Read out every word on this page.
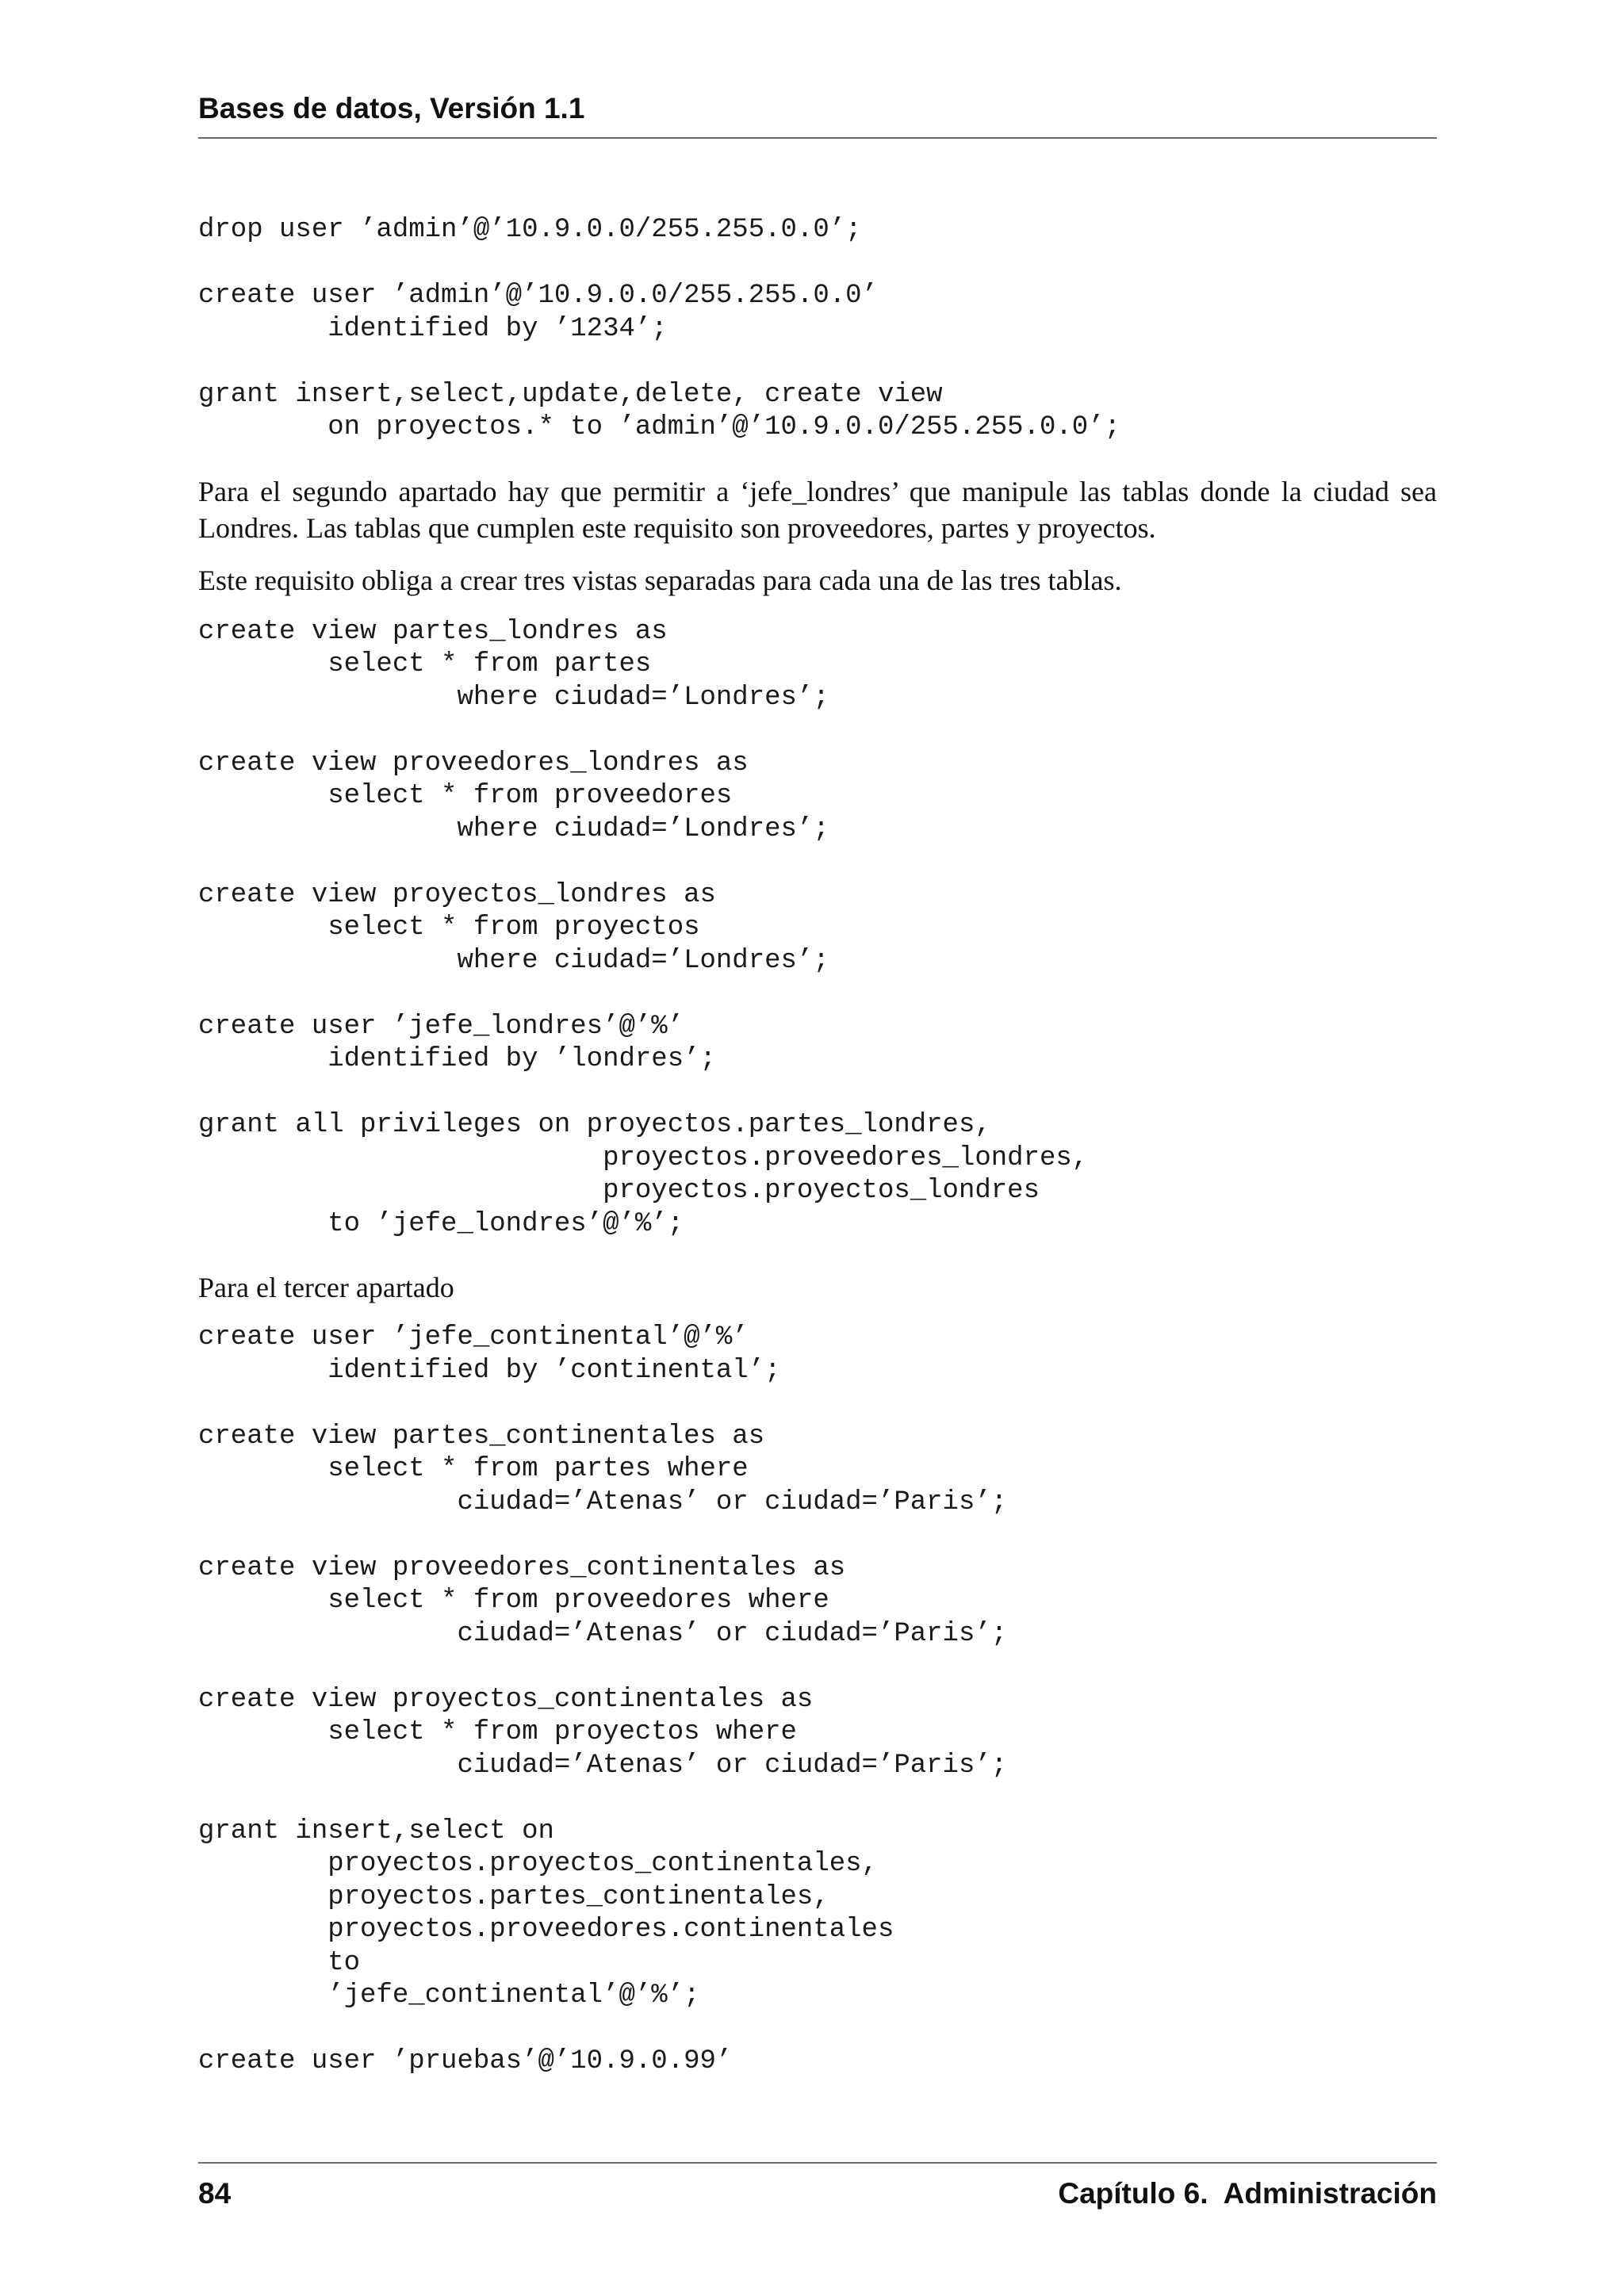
Bases de datos, Versión 1.1
drop user ’admin’@’10.9.0.0/255.255.0.0’;

create user ’admin’@’10.9.0.0/255.255.0.0’
identified by ’1234’;

grant insert,select,update,delete, create view
on proyectos.* to ’admin’@’10.9.0.0/255.255.0.0’;

Para el segundo apartado hay que permitir a ‘jefe_londres’ que manipule las tablas donde la ciudad sea Londres. Las tablas que cumplen este requisito son proveedores, partes y proyectos.

Este requisito obliga a crear tres vistas separadas para cada una de las tres tablas.

create view partes_londres as
select * from partes
where ciudad=’Londres’;

create view proveedores_londres as
select * from proveedores
where ciudad=’Londres’;

create view proyectos_londres as
select * from proyectos
where ciudad=’Londres’;

create user ’jefe_londres’@’%’
identified by ’londres’;

grant all privileges on proyectos.partes_londres,
proyectos.proveedores_londres,
proyectos.proyectos_londres
to ’jefe_londres’@’%’;

Para el tercer apartado

create user ’jefe_continental’@’%’
identified by ’continental’;

create view partes_continentales as
select * from partes where
ciudad=’Atenas’ or ciudad=’Paris’;

create view proveedores_continentales as
select * from proveedores where
ciudad=’Atenas’ or ciudad=’Paris’;

create view proyectos_continentales as
select * from proyectos where
ciudad=’Atenas’ or ciudad=’Paris’;

grant insert,select on
proyectos.proyectos_continentales,
proyectos.partes_continentales,
proyectos.proveedores.continentales
to
’jefe_continental’@’%’;

create user ’pruebas’@’10.9.0.99’
84	Capítulo 6.  Administración
